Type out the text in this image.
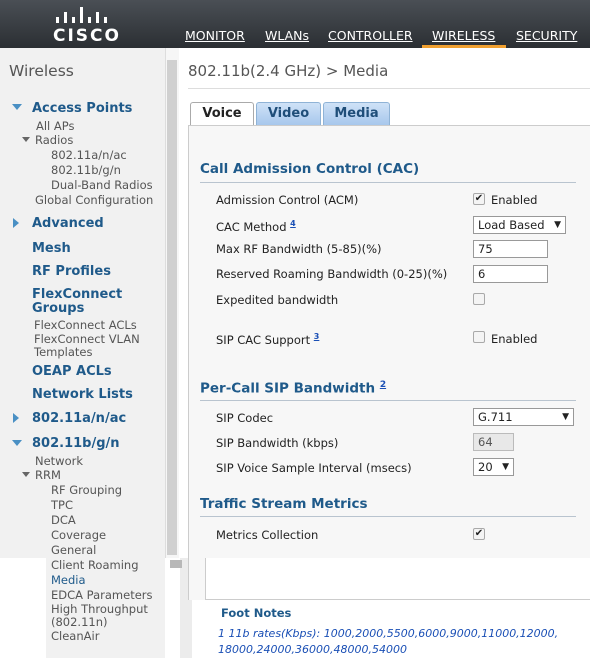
CISCO	MONITOR WLANs CONTROLLER WIRELESS SECURITY
Wireless
Access Points
All APs
Radios
802.11a/n/ac
802.11b/g/n
Dual-Band Radios
Global Configuration
Advanced
Mesh
RF Profiles
FlexConnect
Groups
FlexConnect ACLs
FlexConnect VLAN
Templates
OEAP ACLs
Network Lists
802.11a/n/ac
802.11b/g/n
Network
RRM
RF Grouping
TPC
DCA
Coverage
General
Client Roaming
Media
EDCA Parameters
High Throughput
(802.11n)
CleanAir
802.11b(2.4 GHz) > Media
Voice	Video	Media
Call Admission Control (CAC)
Admission Control (ACM)	✔ Enabled
CAC Method $^4$	Load Based ▼
Max RF Bandwidth (5-85)(%)	75
Reserved Roaming Bandwidth (0-25)(%)	6
Expedited bandwidth
SIP CAC Support $^3$	Enabled
Per-Call SIP Bandwidth $^2$
SIP Codec	G.711	▼
SIP Bandwidth (kbps)	64
SIP Voice Sample Interval (msecs)	20 ▼
Traffic Stream Metrics
Metrics Collection	✔
Foot Notes
1 11b rates(Kbps): 1000,2000,5500,6000,9000,11000,12000, 18000,24000,36000,48000,54000
